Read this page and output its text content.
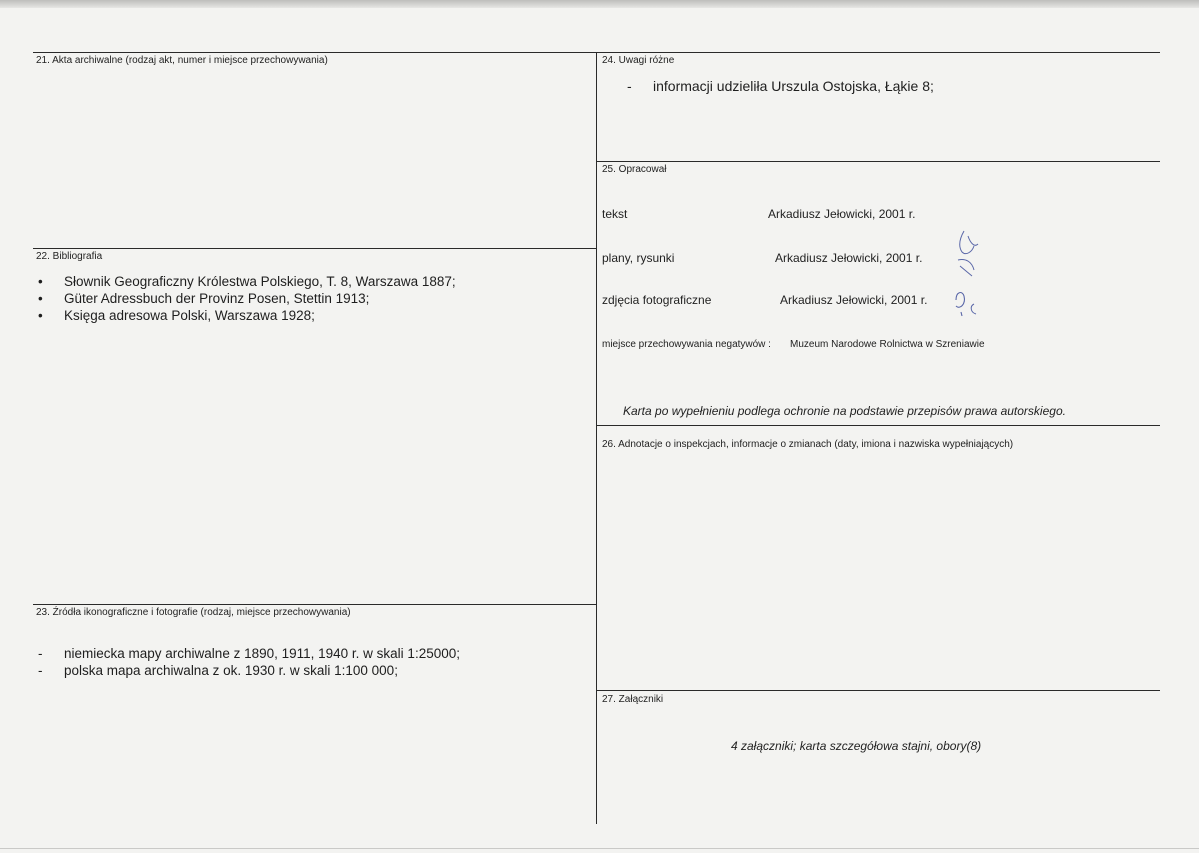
21. Akta archiwalne (rodzaj akt, numer i miejsce przechowywania)
22. Bibliografia
• Słownik Geograficzny Królestwa Polskiego, T. 8, Warszawa 1887;
• Güter Adressbuch der Provinz Posen, Stettin 1913;
• Księga adresowa Polski, Warszawa 1928;
23. Źródła ikonograficzne i fotografie (rodzaj, miejsce przechowywania)
- niemiecka mapy archiwalne z 1890, 1911, 1940 r. w skali 1:25000;
- polska mapa archiwalna z ok. 1930 r. w skali 1:100 000;
24. Uwagi różne
- informacji udzieliła Urszula Ostojska, Łąkie 8;
25. Opracował
tekst	Arkadiusz Jełowicki, 2001 r.
plany, rysunki	Arkadiusz Jełowicki, 2001 r.
zdjęcia fotograficzne	Arkadiusz Jełowicki, 2001 r.
miejsce przechowywania negatywów : Muzeum Narodowe Rolnictwa w Szreniawie
Karta po wypełnieniu podlega ochronie na podstawie przepisów prawa autorskiego.
26. Adnotacje o inspekcjach, informacje o zmianach (daty, imiona i nazwiska wypełniających)
27. Załączniki
4 załączniki; karta szczegółowa stajni, obory(8)
